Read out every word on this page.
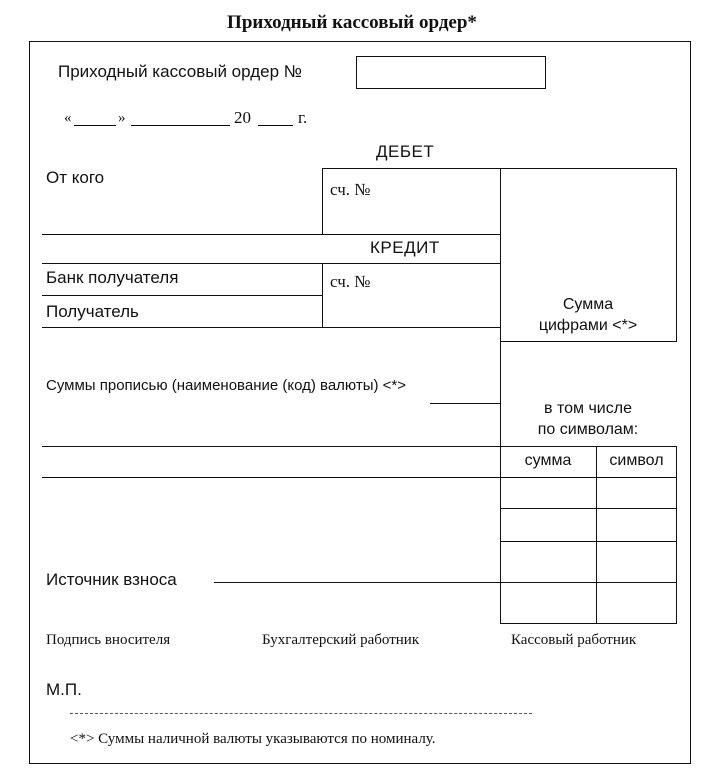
Приходный кассовый ордер*
Приходный кассовый ордер №
«	»	20	г.
От кого
ДЕБЕТ
сч. №
Сумма
цифрами <*>
КРЕДИТ
сч. №
Банк получателя
Получатель
Суммы прописью (наименование (код) валюты) <*>
в том числе
по символам:
сумма	символ
Источник взноса
Подпись вносителя	Бухгалтерский работник	Кассовый работник
М.П.
<*> Суммы наличной валюты указываются по номиналу.
